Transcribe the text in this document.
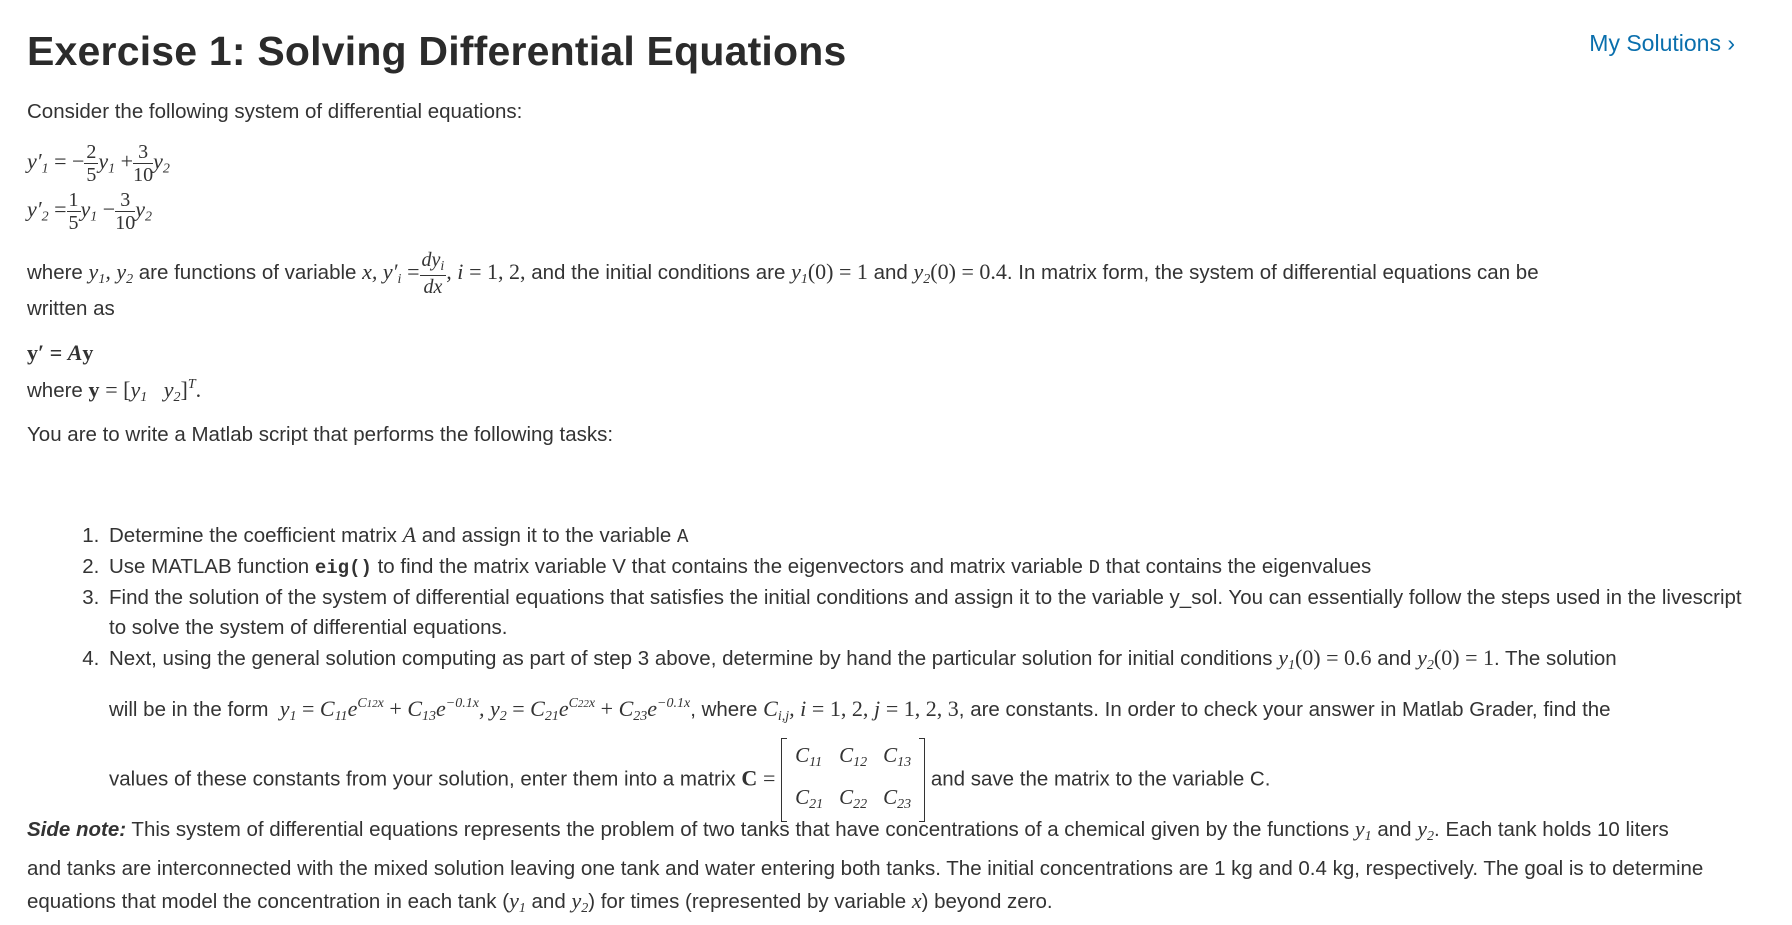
Exercise 1: Solving Differential Equations	My Solutions ›
Consider the following system of differential equations:
$y'_1$ = − $\frac{2}{5} y_1 + \frac{3}{10} y_2$
$y'_2 = \frac{1}{5} y_1 - \frac{3}{10} y_2$
where $y_1$, $y_2$ are functions of variable x, $y'_i = \frac{dy_i}{dx}$ , i = 1, 2, and the initial conditions are $y_1(0) = 1$ and $y_2(0) = 0.4$. In matrix form, the system of differential equations can be
written as
y′ = Ay
where $y = [y_1$   $y_2]^T$.
You are to write a Matlab script that performs the following tasks:
1. Determine the coefficient matrix A and assign it to the variable A
2. Use MATLAB function eig() to find the matrix variable V that contains the eigenvectors and matrix variable D that contains the eigenvalues
3. Find the solution of the system of differential equations that satisfies the initial conditions and assign it to the variable y_sol. You can essentially follow the steps used in the livescript to solve the system of differential equations.
4. Next, using the general solution computing as part of step 3 above, determine by hand the particular solution for initial conditions $y_1(0) = 0.6$ and $y_2(0) = 1$. The solution
will be in the form  $y_1 = C_{11}e^{C12x} + C_{13}e^{-0.1x}$, $y_2 = C_{21}e^{C22x} + C_{23}e^{-0.1x}$, where $C_{i,j}$, i = 1, 2, j = 1, 2, 3, are constants. In order to check your answer in Matlab Grader, find the
values of these constants from your solution, enter them into a matrix C =
$C_{11}$	$C_{12}$	$C_{13}$
$C_{21}$	$C_{22}$	$C_{23}$
and save the matrix to the variable C.
Side note: This system of differential equations represents the problem of two tanks that have concentrations of a chemical given by the functions $y_1$ and $y_2$. Each tank holds 10 liters and tanks are interconnected with the mixed solution leaving one tank and water entering both tanks. The initial concentrations are 1 kg and 0.4 kg, respectively. The goal is to determine equations that model the concentration in each tank ($y_1$ and $y_2$) for times (represented by variable x) beyond zero.
